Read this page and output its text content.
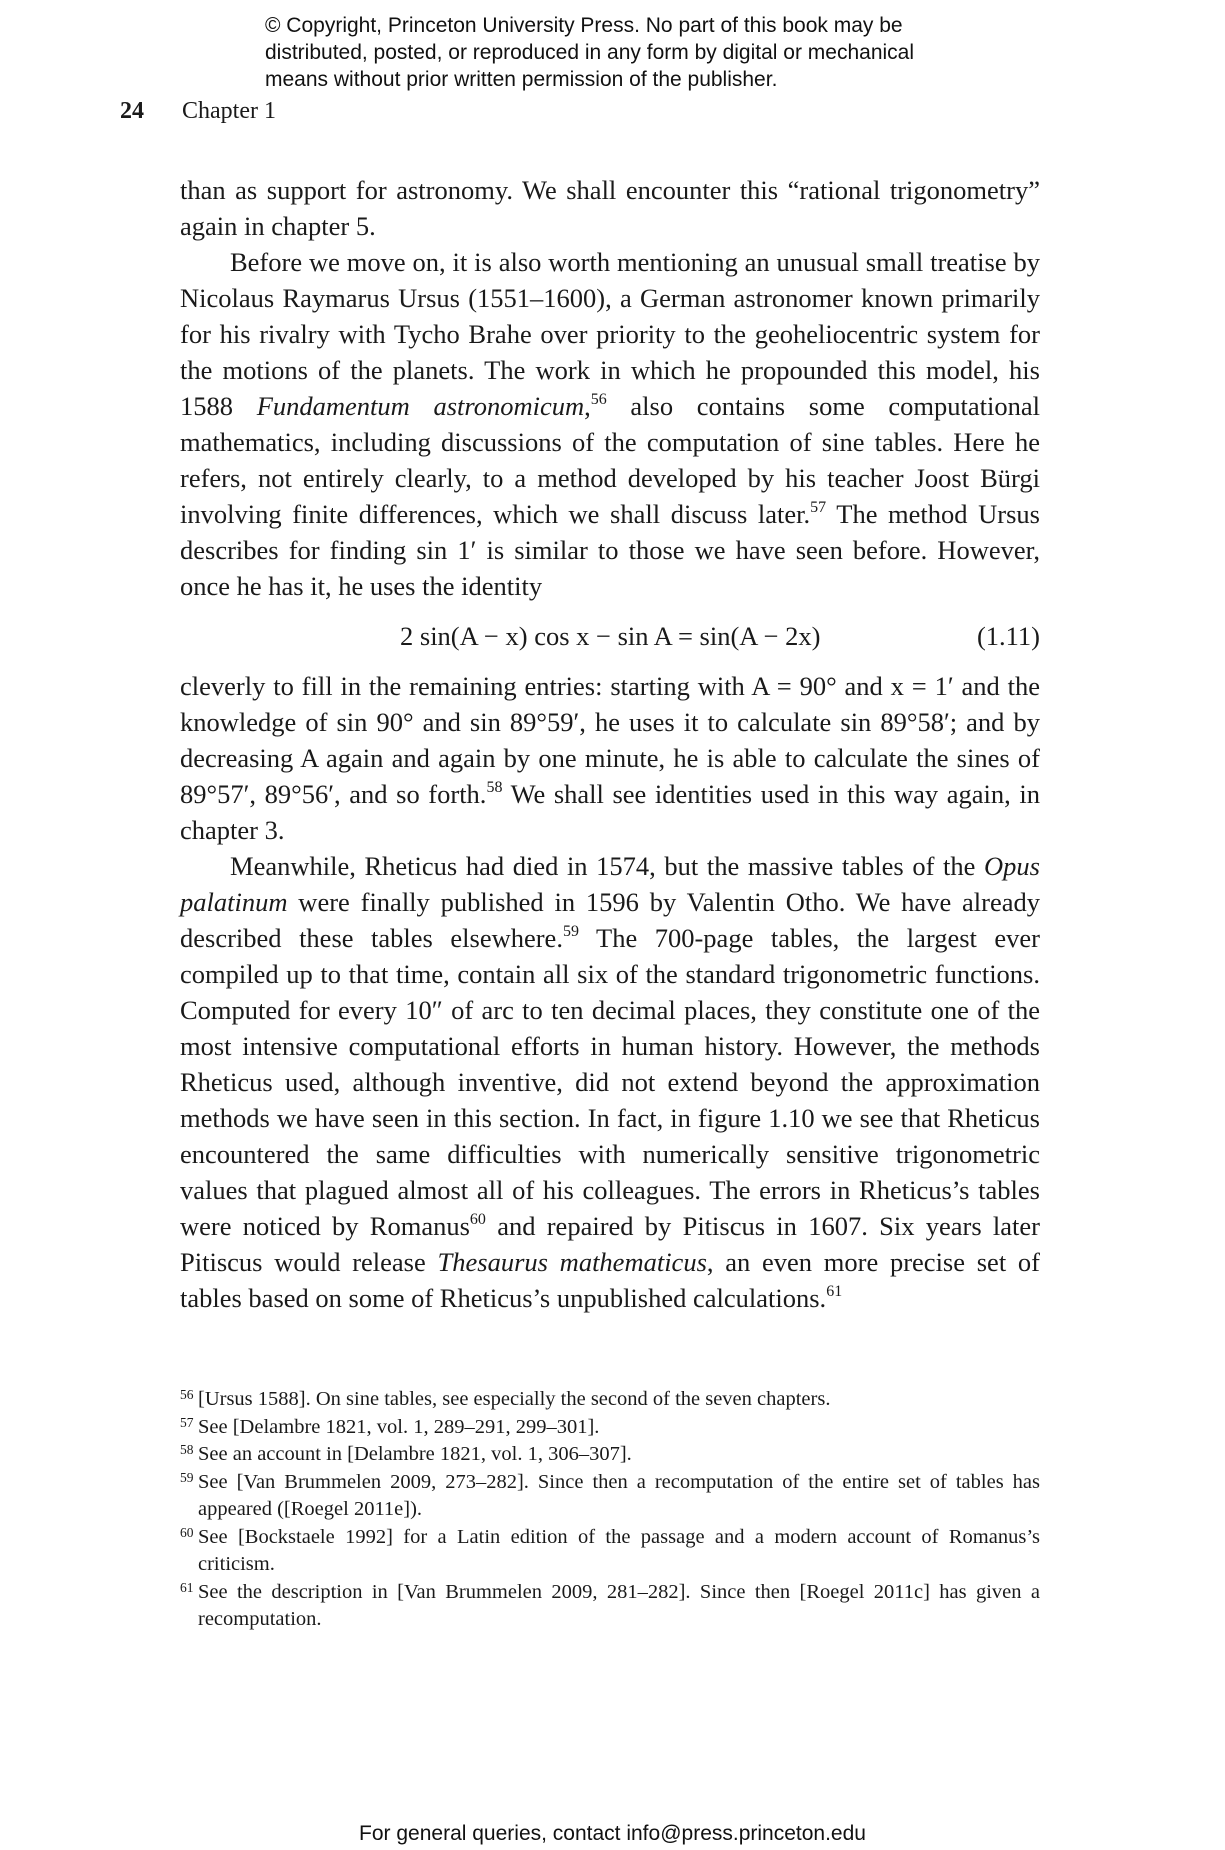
© Copyright, Princeton University Press. No part of this book may be
distributed, posted, or reproduced in any form by digital or mechanical
means without prior written permission of the publisher.
24 Chapter 1

than as support for astronomy. We shall encounter this “rational trigonometry” again in chapter 5.

Before we move on, it is also worth mentioning an unusual small treatise by Nicolaus Raymarus Ursus (1551–1600), a German astronomer known primarily for his rivalry with Tycho Brahe over priority to the geoheliocentric system for the motions of the planets. The work in which he propounded this model, his 1588 Fundamentum astronomicum,$^{56}$ also contains some computational mathematics, including discussions of the computation of sine tables. Here he refers, not entirely clearly, to a method developed by his teacher Joost Bürgi involving finite differences, which we shall discuss later.$^{57}$ The method Ursus describes for finding sin 1′ is similar to those we have seen before. However, once he has it, he uses the identity

2 sin(A − x) cos x − sin A = sin(A − 2x)	(1.11)

cleverly to fill in the remaining entries: starting with A = 90° and x = 1′ and the knowledge of sin 90° and sin 89°59′, he uses it to calculate sin 89°58′; and by decreasing A again and again by one minute, he is able to calculate the sines of 89°57′, 89°56′, and so forth.$^{58}$ We shall see identities used in this way again, in chapter 3.

Meanwhile, Rheticus had died in 1574, but the massive tables of the Opus palatinum were finally published in 1596 by Valentin Otho. We have already described these tables elsewhere.$^{59}$ The 700-page tables, the largest ever compiled up to that time, contain all six of the standard trigonometric functions. Computed for every 10″ of arc to ten decimal places, they constitute one of the most intensive computational efforts in human history. However, the methods Rheticus used, although inventive, did not extend beyond the approximation methods we have seen in this section. In fact, in figure 1.10 we see that Rheticus encountered the same difficulties with numerically sensitive trigonometric values that plagued almost all of his colleagues. The errors in Rheticus’s tables were noticed by Romanus$^{60}$ and repaired by Pitiscus in 1607. Six years later Pitiscus would release Thesaurus mathematicus, an even more precise set of tables based on some of Rheticus’s unpublished calculations.$^{61}$

56 [Ursus 1588]. On sine tables, see especially the second of the seven chapters.

57 See [Delambre 1821, vol. 1, 289–291, 299–301].

58 See an account in [Delambre 1821, vol. 1, 306–307].

59 See [Van Brummelen 2009, 273–282]. Since then a recomputation of the entire set of tables has appeared ([Roegel 2011e]).

60 See [Bockstaele 1992] for a Latin edition of the passage and a modern account of Romanus’s criticism.

61 See the description in [Van Brummelen 2009, 281–282]. Since then [Roegel 2011c] has given a recomputation.

For general queries, contact info@press.princeton.edu
